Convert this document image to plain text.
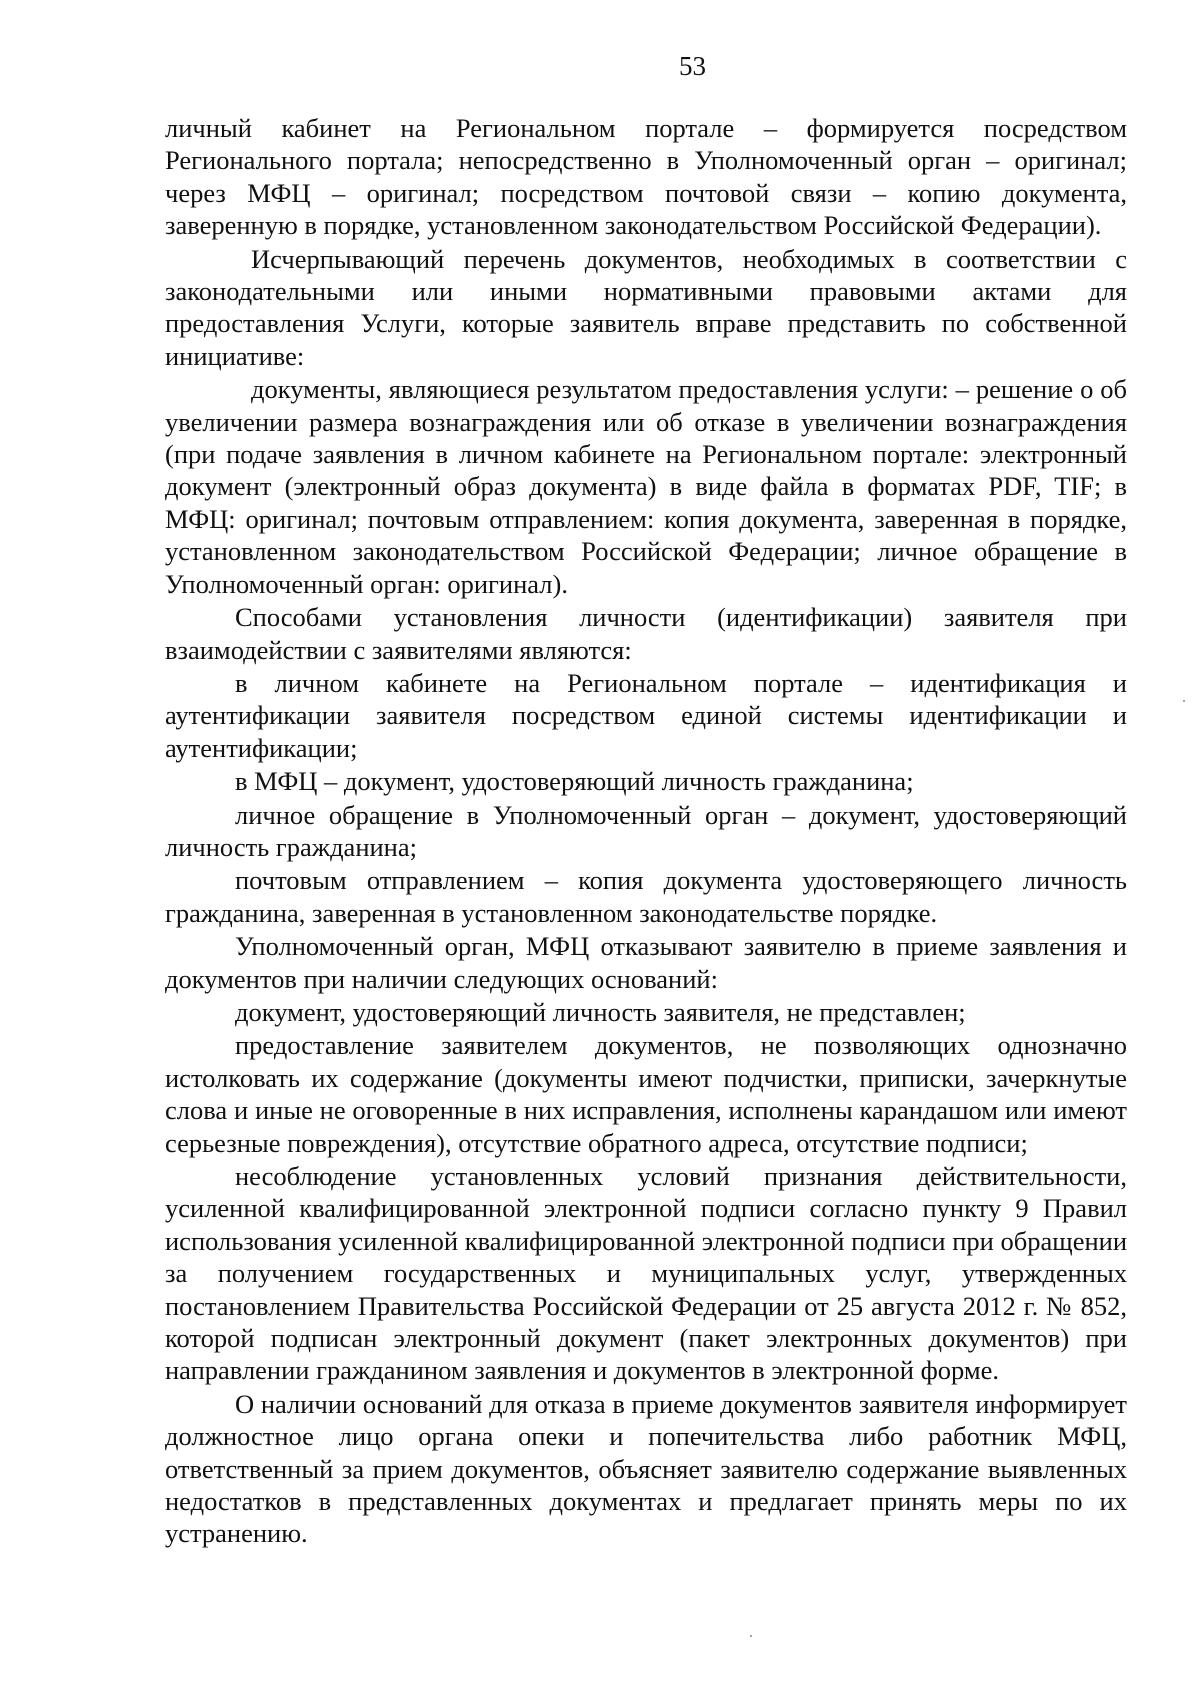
53

личный кабинет на Региональном портале – формируется посредством Регионального портала; непосредственно в Уполномоченный орган – оригинал; через МФЦ – оригинал; посредством почтовой связи – копию документа, заверенную в порядке, установленном законодательством Российской Федерации).

Исчерпывающий перечень документов, необходимых в соответствии с законодательными или иными нормативными правовыми актами для предоставления Услуги, которые заявитель вправе представить по собственной инициативе:

документы, являющиеся результатом предоставления услуги: – решение о об увеличении размера вознаграждения или об отказе в увеличении вознаграждения (при подаче заявления в личном кабинете на Региональном портале: электронный документ (электронный образ документа) в виде файла в форматах PDF, TIF; в МФЦ: оригинал; почтовым отправлением: копия документа, заверенная в порядке, установленном законодательством Российской Федерации; личное обращение в Уполномоченный орган: оригинал).

Способами установления личности (идентификации) заявителя при взаимодействии с заявителями являются:

в личном кабинете на Региональном портале – идентификация и аутентификации заявителя посредством единой системы идентификации и аутентификации;

в МФЦ – документ, удостоверяющий личность гражданина;

личное обращение в Уполномоченный орган – документ, удостоверяющий личность гражданина;

почтовым отправлением – копия документа удостоверяющего личность гражданина, заверенная в установленном законодательстве порядке.

Уполномоченный орган, МФЦ отказывают заявителю в приеме заявления и документов при наличии следующих оснований:

документ, удостоверяющий личность заявителя, не представлен;

предоставление заявителем документов, не позволяющих однозначно истолковать их содержание (документы имеют подчистки, приписки, зачеркнутые слова и иные не оговоренные в них исправления, исполнены карандашом или имеют серьезные повреждения), отсутствие обратного адреса, отсутствие подписи;

несоблюдение установленных условий признания действительности, усиленной квалифицированной электронной подписи согласно пункту 9 Правил использования усиленной квалифицированной электронной подписи при обращении за получением государственных и муниципальных услуг, утвержденных постановлением Правительства Российской Федерации от 25 августа 2012 г. № 852, которой подписан электронный документ (пакет электронных документов) при направлении гражданином заявления и документов в электронной форме.

О наличии оснований для отказа в приеме документов заявителя информирует должностное лицо органа опеки и попечительства либо работник МФЦ, ответственный за прием документов, объясняет заявителю содержание выявленных недостатков в представленных документах и предлагает принять меры по их устранению.
